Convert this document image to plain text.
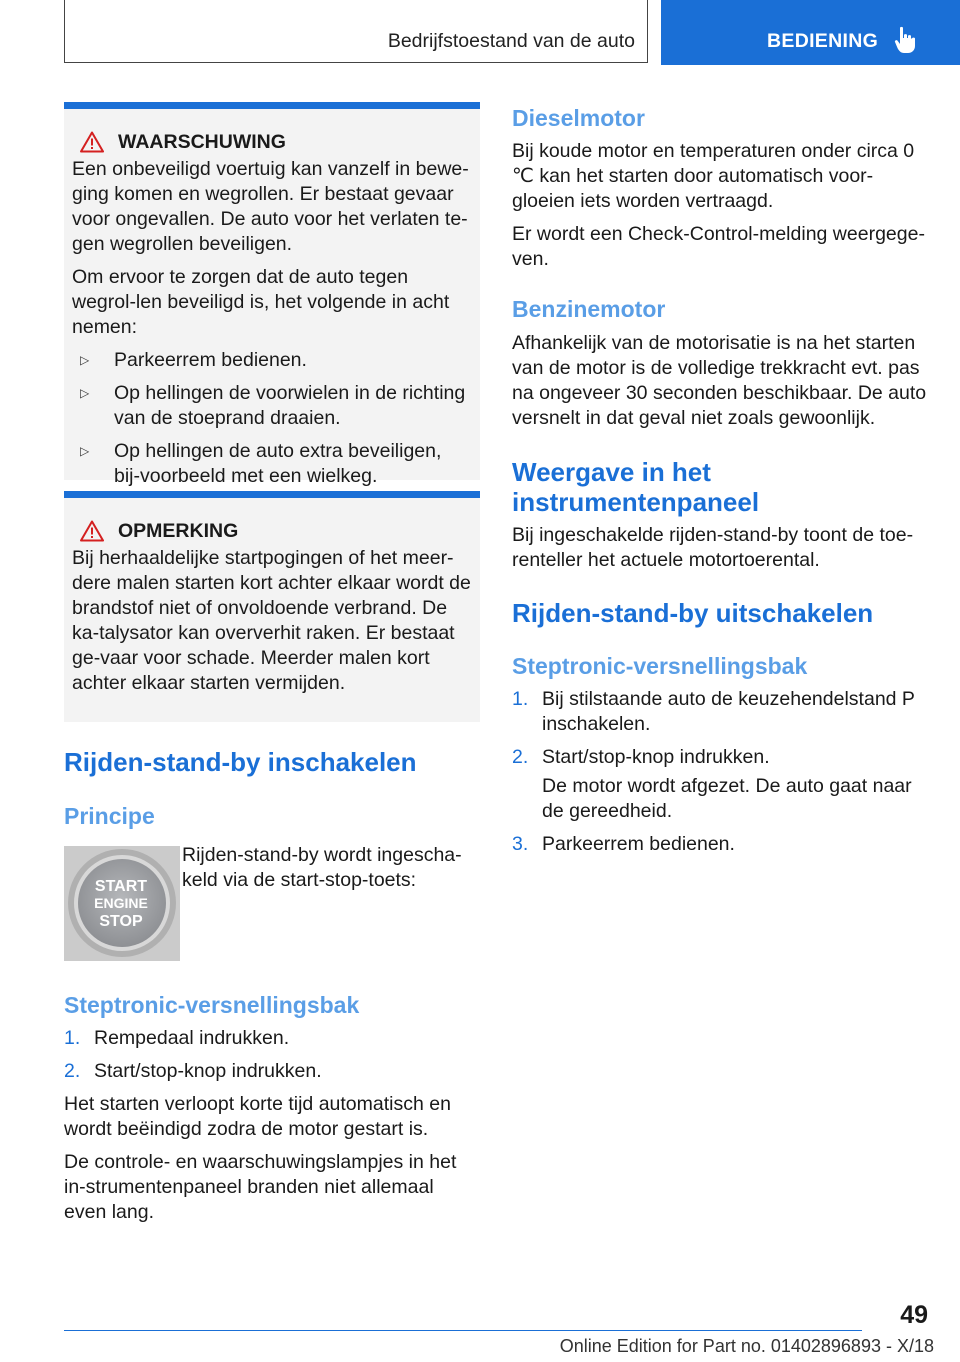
Bedrijfstoestand van de auto	BEDIENING
WAARSCHUWING

Een onbeveiligd voertuig kan vanzelf in bewe-ging komen en wegrollen. Er bestaat gevaar voor ongevallen. De auto voor het verlaten te-gen wegrollen beveiligen.

Om ervoor te zorgen dat de auto tegen wegrol-len beveiligd is, het volgende in acht nemen:

▷	Parkeerrem bedienen.
▷	Op hellingen de voorwielen in de richting van de stoeprand draaien.
▷	Op hellingen de auto extra beveiligen, bij-voorbeeld met een wielkeg.
OPMERKING

Bij herhaaldelijke startpogingen of het meer-dere malen starten kort achter elkaar wordt de brandstof niet of onvoldoende verbrand. De ka-talysator kan oververhit raken. Er bestaat ge-vaar voor schade. Meerder malen kort achter elkaar starten vermijden.

Rijden-stand-by inschakelen
Principe
START
ENGINE
STOP

Rijden-stand-by wordt ingescha-keld via de start-stop-toets:

Steptronic-versnellingsbak
1. Rempedaal indrukken.
2. Start/stop-knop indrukken.

Het starten verloopt korte tijd automatisch en wordt beëindigd zodra de motor gestart is.

De controle- en waarschuwingslampjes in het in-strumentenpaneel branden niet allemaal even lang.

Dieselmotor

Bij koude motor en temperaturen onder circa 0 ℃ kan het starten door automatisch voor-gloeien iets worden vertraagd.

Er wordt een Check-Control-melding weergege-ven.

Benzinemotor

Afhankelijk van de motorisatie is na het starten van de motor is de volledige trekkracht evt. pas na ongeveer 30 seconden beschikbaar. De auto versnelt in dat geval niet zoals gewoonlijk.

Weergave in het instrumentenpaneel

Bij ingeschakelde rijden-stand-by toont de toe-renteller het actuele motortoerental.

Rijden-stand-by uitschakelen
Steptronic-versnellingsbak
1. Bij stilstaande auto de keuzehendelstand P inschakelen.
2. Start/stop-knop indrukken.

De motor wordt afgezet. De auto gaat naar de gereedheid.

3. Parkeerrem bedienen.
49
Online Edition for Part no. 01402896893 - X/18
